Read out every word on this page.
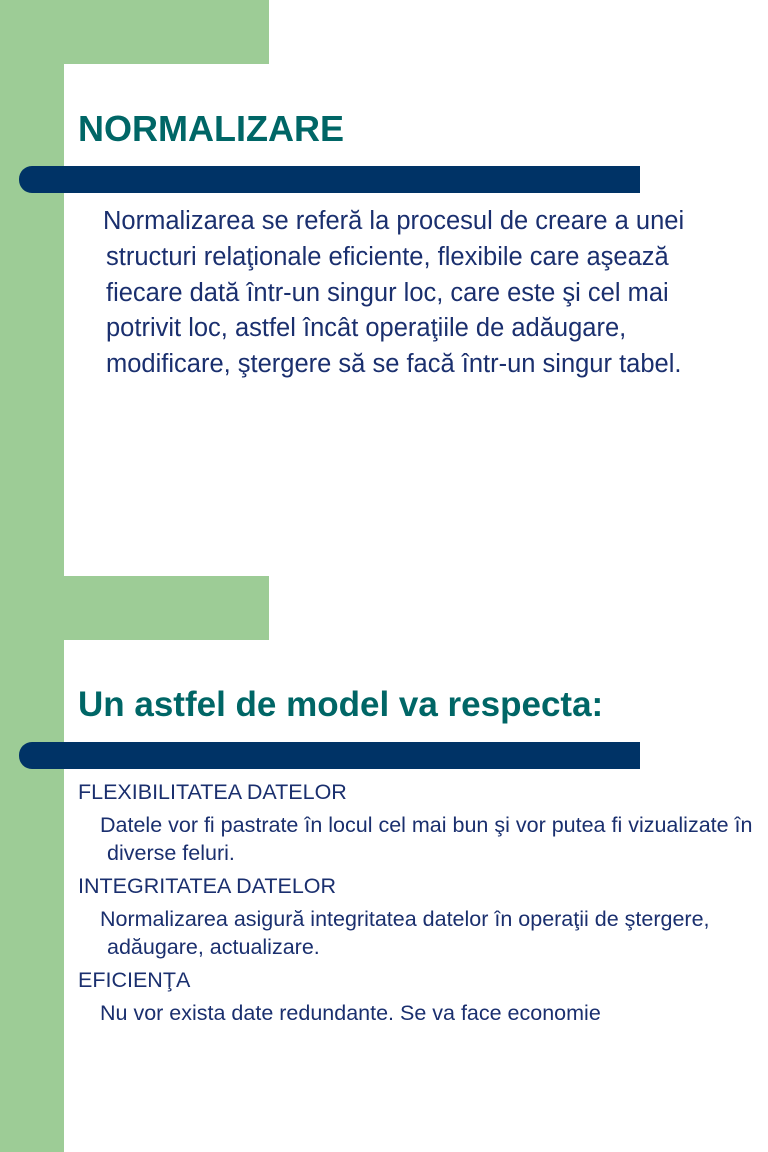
NORMALIZARE

Normalizarea se referă la procesul de creare a unei structuri relaţionale eficiente, flexibile care aşează fiecare dată într-un singur loc, care este şi cel mai potrivit loc, astfel încât operaţiile de adăugare, modificare, ştergere să se facă într-un singur tabel.

Un astfel de model va respecta:

FLEXIBILITATEA DATELOR

Datele vor fi pastrate în locul cel mai bun şi vor putea fi vizualizate în diverse feluri.

INTEGRITATEA DATELOR

Normalizarea asigură integritatea datelor în operaţii de ştergere, adăugare, actualizare.

EFICIENŢA

Nu vor exista date redundante. Se va face economie
